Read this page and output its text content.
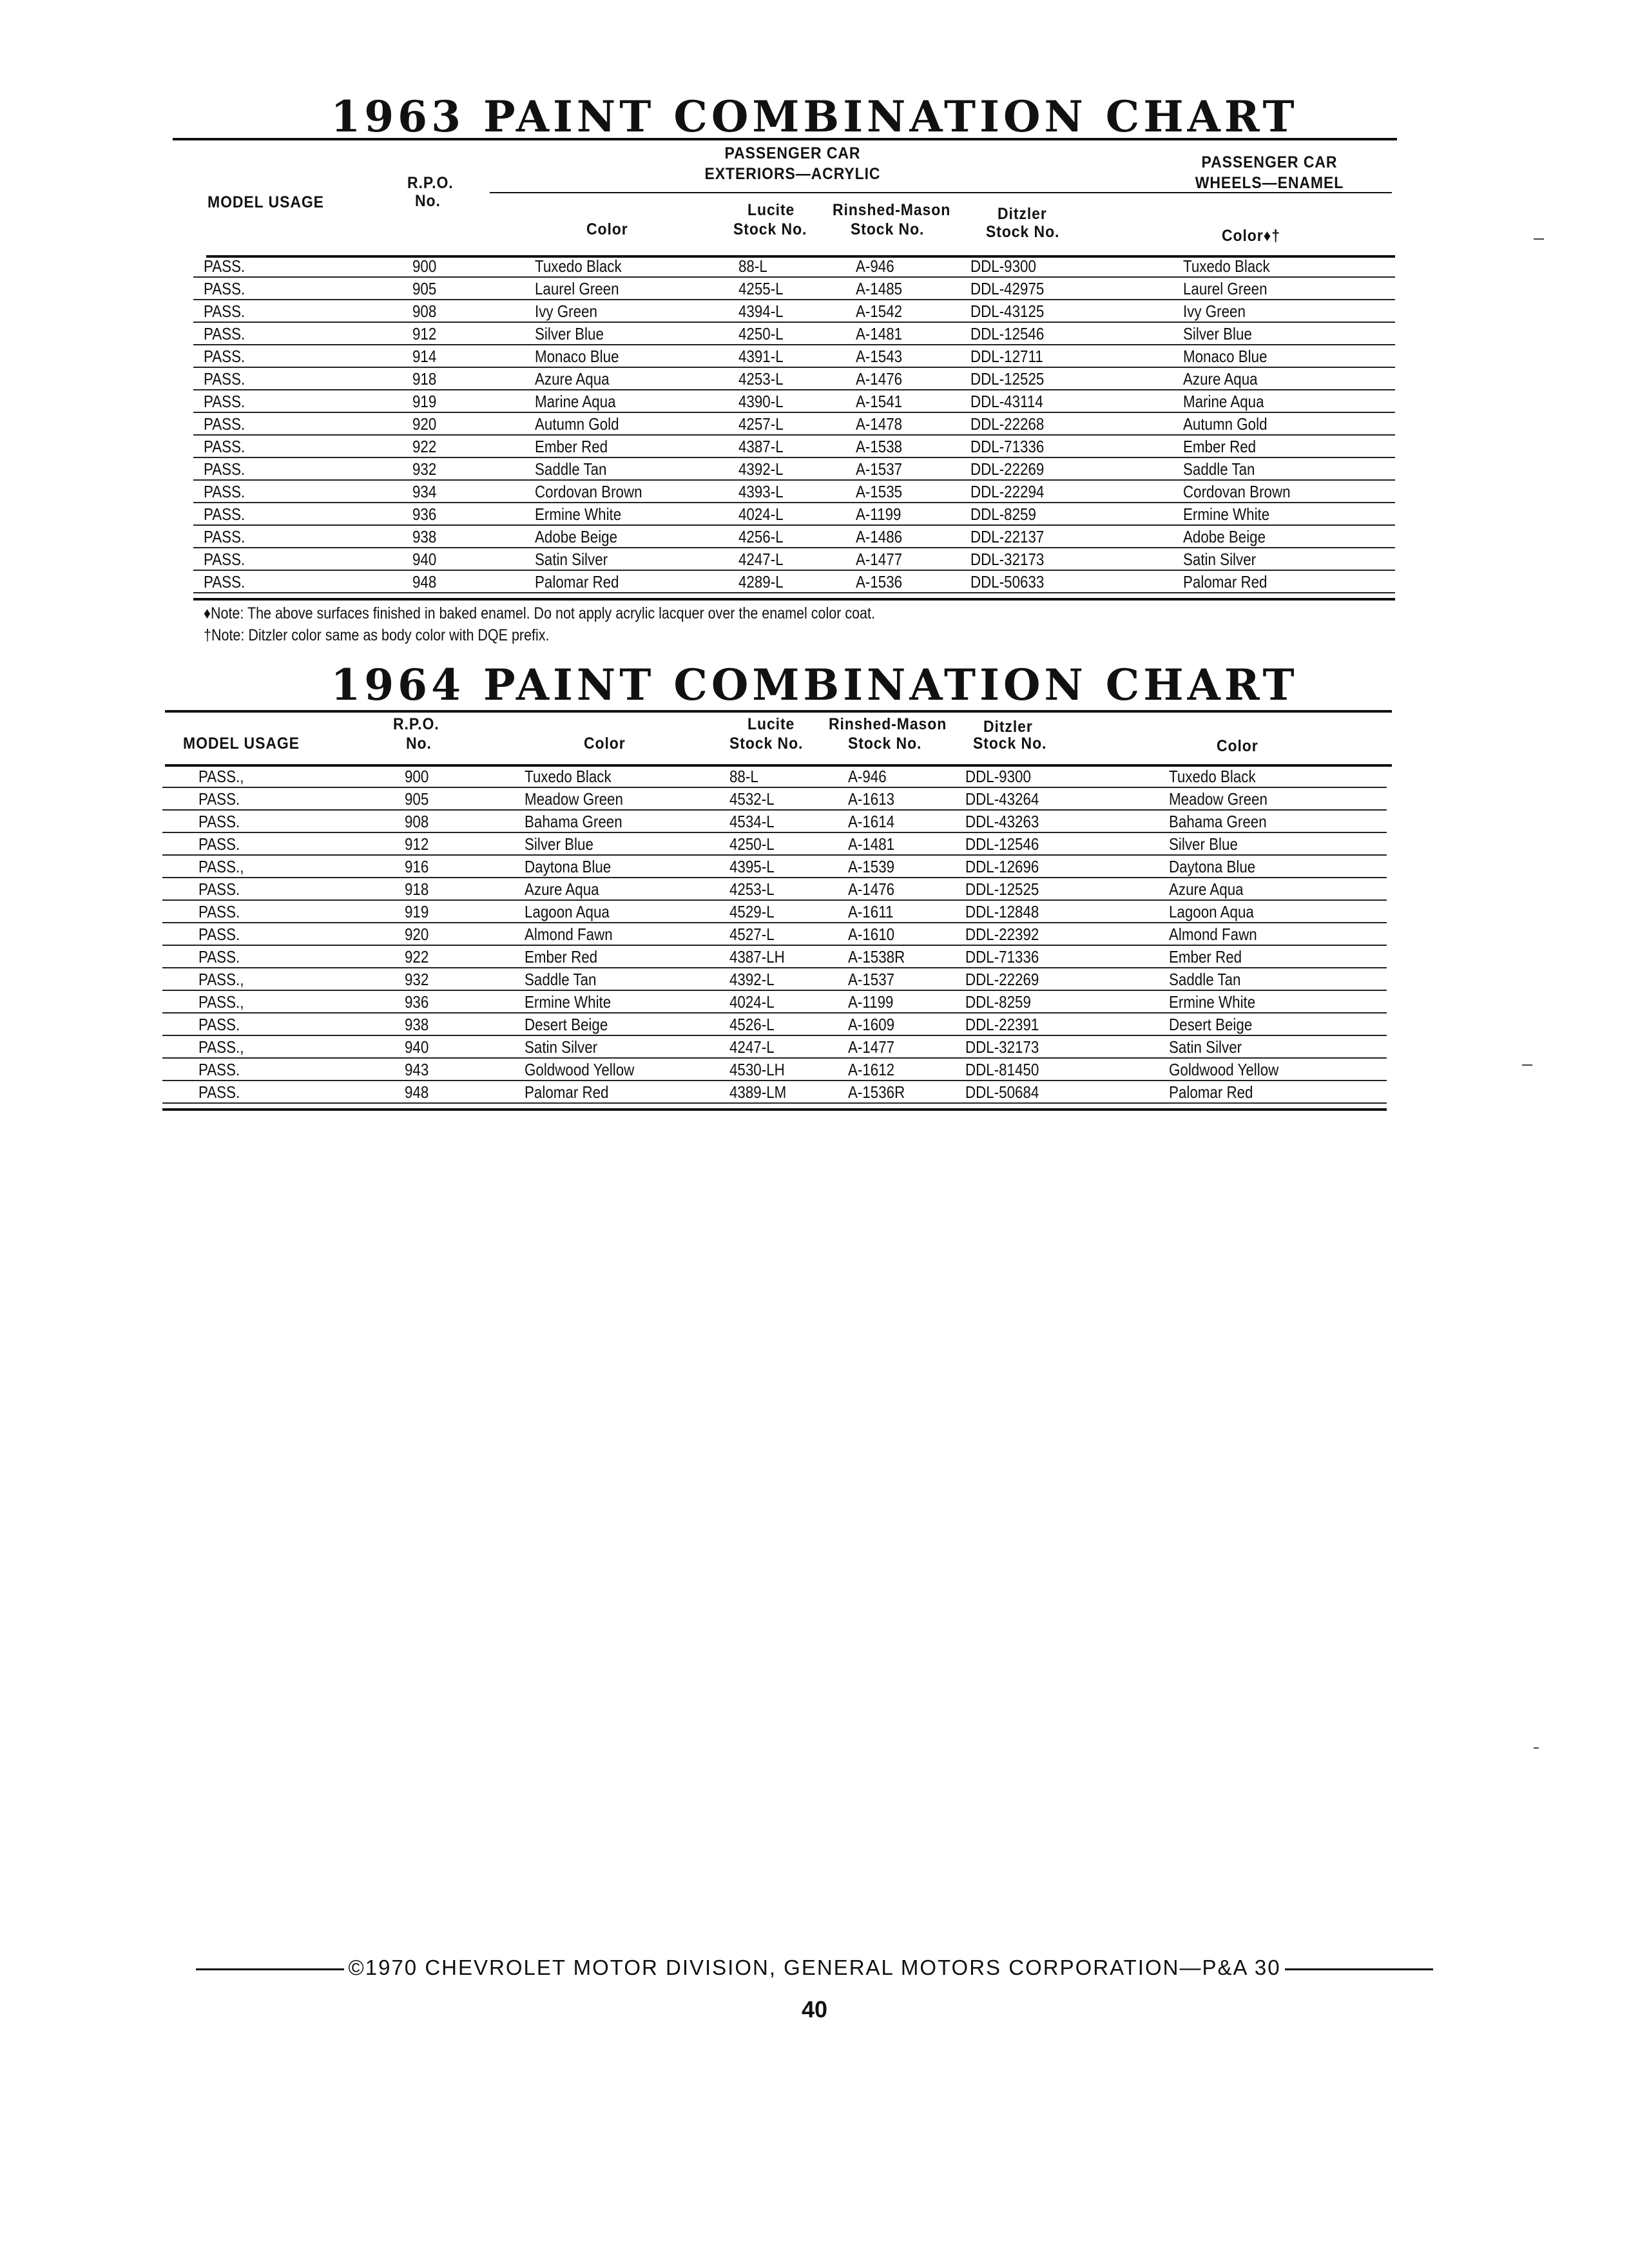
1963 PAINT COMBINATION CHART
PASSENGER CAR
EXTERIORS—ACRYLIC
PASSENGER CAR
WHEELS—ENAMEL
R.P.O.
No.
MODEL USAGE	Lucite Rinshed-Mason	Ditzler
Color	Stock No.	Stock No.	Stock No.	Color♦†
PASS.	900	Tuxedo Black	88-L	A-946	DDL-9300	Tuxedo Black
PASS.	905	Laurel Green	4255-L	A-1485	DDL-42975	Laurel Green
PASS.	908	Ivy Green	4394-L	A-1542	DDL-43125	Ivy Green
PASS.	912	Silver Blue	4250-L	A-1481	DDL-12546	Silver Blue
PASS.	914	Monaco Blue	4391-L	A-1543	DDL-12711	Monaco Blue
PASS.	918	Azure Aqua	4253-L	A-1476	DDL-12525	Azure Aqua
PASS.	919	Marine Aqua	4390-L	A-1541	DDL-43114	Marine Aqua
PASS.	920	Autumn Gold	4257-L	A-1478	DDL-22268	Autumn Gold
PASS.	922	Ember Red	4387-L	A-1538	DDL-71336	Ember Red
PASS.	932	Saddle Tan	4392-L	A-1537	DDL-22269	Saddle Tan
PASS.	934	Cordovan Brown	4393-L	A-1535	DDL-22294	Cordovan Brown
PASS.	936	Ermine White	4024-L	A-1199	DDL-8259	Ermine White
PASS.	938	Adobe Beige	4256-L	A-1486	DDL-22137	Adobe Beige
PASS.	940	Satin Silver	4247-L	A-1477	DDL-32173	Satin Silver
PASS.	948	Palomar Red	4289-L	A-1536	DDL-50633	Palomar Red
♦Note: The above surfaces finished in baked enamel. Do not apply acrylic lacquer over the enamel color coat.
†Note: Ditzler color same as body color with DQE prefix.
1964 PAINT COMBINATION CHART
R.P.O.	Lucite Rinshed-Mason Ditzler
MODEL USAGE	No.	Color	Stock No.	Stock No.	Stock No.	Color
PASS.,	900	Tuxedo Black	88-L	A-946	DDL-9300	Tuxedo Black
PASS.	905	Meadow Green	4532-L	A-1613	DDL-43264	Meadow Green
PASS.	908	Bahama Green	4534-L	A-1614	DDL-43263	Bahama Green
PASS.	912	Silver Blue	4250-L	A-1481	DDL-12546	Silver Blue
PASS.,	916	Daytona Blue	4395-L	A-1539	DDL-12696	Daytona Blue
PASS.	918	Azure Aqua	4253-L	A-1476	DDL-12525	Azure Aqua
PASS.	919	Lagoon Aqua	4529-L	A-1611	DDL-12848	Lagoon Aqua
PASS.	920	Almond Fawn	4527-L	A-1610	DDL-22392	Almond Fawn
PASS.	922	Ember Red	4387-LH	A-1538R	DDL-71336	Ember Red
PASS.,	932	Saddle Tan	4392-L	A-1537	DDL-22269	Saddle Tan
PASS.,	936	Ermine White	4024-L	A-1199	DDL-8259	Ermine White
PASS.	938	Desert Beige	4526-L	A-1609	DDL-22391	Desert Beige
PASS.,	940	Satin Silver	4247-L	A-1477	DDL-32173	Satin Silver
PASS.	943	Goldwood Yellow	4530-LH	A-1612	DDL-81450	Goldwood Yellow
PASS.	948	Palomar Red	4389-LM	A-1536R	DDL-50684	Palomar Red
©1970 CHEVROLET MOTOR DIVISION, GENERAL MOTORS CORPORATION—P&A 30
40
